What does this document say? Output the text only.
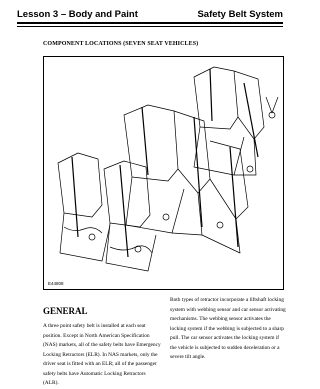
Lesson 3 – Body and Paint	Safety Belt System
COMPONENT LOCATIONS (SEVEN SEAT VEHICLES)
E44808
GENERAL

A three point safety belt is installed at each seat position. Except in North American Specification (NAS) markets, all of the safety belts have Emergency Locking Retractors (ELR). In NAS markets, only the driver seat is fitted with an ELR; all of the passenger safety belts have Automatic Locking Retractors (ALR).

Both types of retractor incorporate a liftshaft locking system with webbing sensor and car sensor activating mechanisms. The webbing sensor activates the locking system if the webbing is subjected to a sharp pull. The car sensor activates the locking system if the vehicle is subjected to sudden deceleration or a severe tilt angle.
